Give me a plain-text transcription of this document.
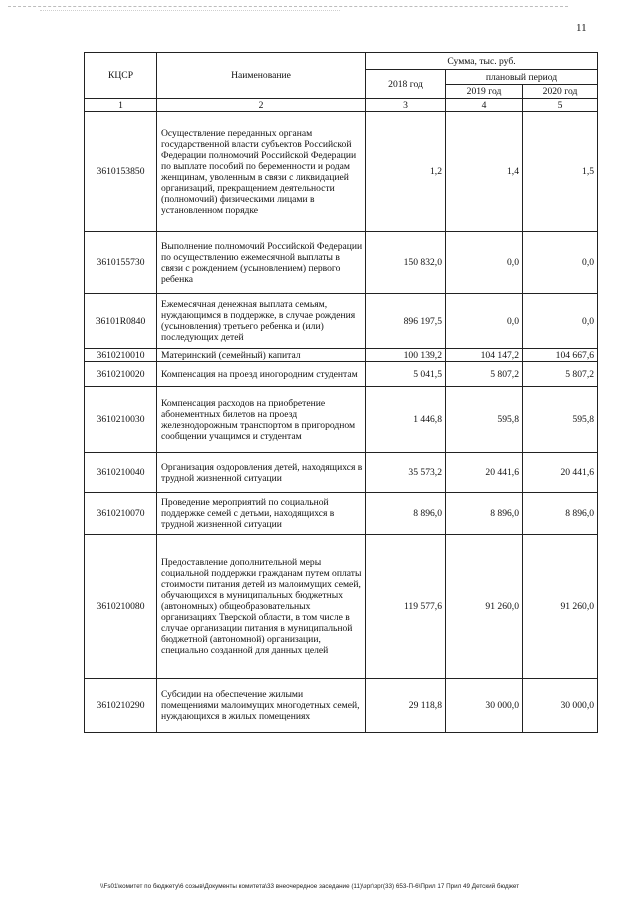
11
КЦСР	Наименование	Сумма, тыс. руб.		
		2018 год	плановый период	
			2019 год	2020 год
1	2	3	4	5
3610153850	Осуществление переданных органам государственной власти субъектов Российской Федерации полномочий Российской Федерации по выплате пособий по беременности и родам женщинам, уволенным в связи с ликвидацией организаций, прекращением деятельности (полномочий) физическими лицами в установленном порядке	1,2	1,4	1,5
3610155730	Выполнение полномочий Российской Федерации по осуществлению ежемесячной выплаты в связи с рождением (усыновлением) первого ребенка	150 832,0	0,0	0,0
36101R0840	Ежемесячная денежная выплата семьям, нуждающимся в поддержке, в случае рождения (усыновления) третьего ребенка и (или) последующих детей	896 197,5	0,0	0,0
3610210010	Материнский (семейный) капитал	100 139,2	104 147,2	104 667,6
3610210020	Компенсация на проезд иногородним студентам	5 041,5	5 807,2	5 807,2
3610210030	Компенсация расходов на приобретение абонементных билетов на проезд железнодорожным транспортом в пригородном сообщении учащимся и студентам	1 446,8	595,8	595,8
3610210040	Организация оздоровления детей, находящихся в трудной жизненной ситуации	35 573,2	20 441,6	20 441,6
3610210070	Проведение мероприятий по социальной поддержке семей с детьми, находящихся в трудной жизненной ситуации	8 896,0	8 896,0	8 896,0
3610210080	Предоставление дополнительной меры социальной поддержки гражданам путем оплаты стоимости питания детей из малоимущих семей, обучающихся в муниципальных бюджетных (автономных) общеобразовательных организациях Тверской области, в том числе в случае организации питания в муниципальной бюджетной (автономной) организации, специально созданной для данных целей	119 577,6	91 260,0	91 260,0
3610210290	Субсидии на обеспечение жилыми помещениями малоимущих многодетных семей, нуждающихся в жилых помещениях	29 118,8	30 000,0	30 000,0
\\Fs01\комитет по бюджету\6 созыв\Документы комитета\33 внеочередное заседание (11)\зрг\зрг(33) 653-П-6\Прил 17 Прил 49 Детский бюджет
